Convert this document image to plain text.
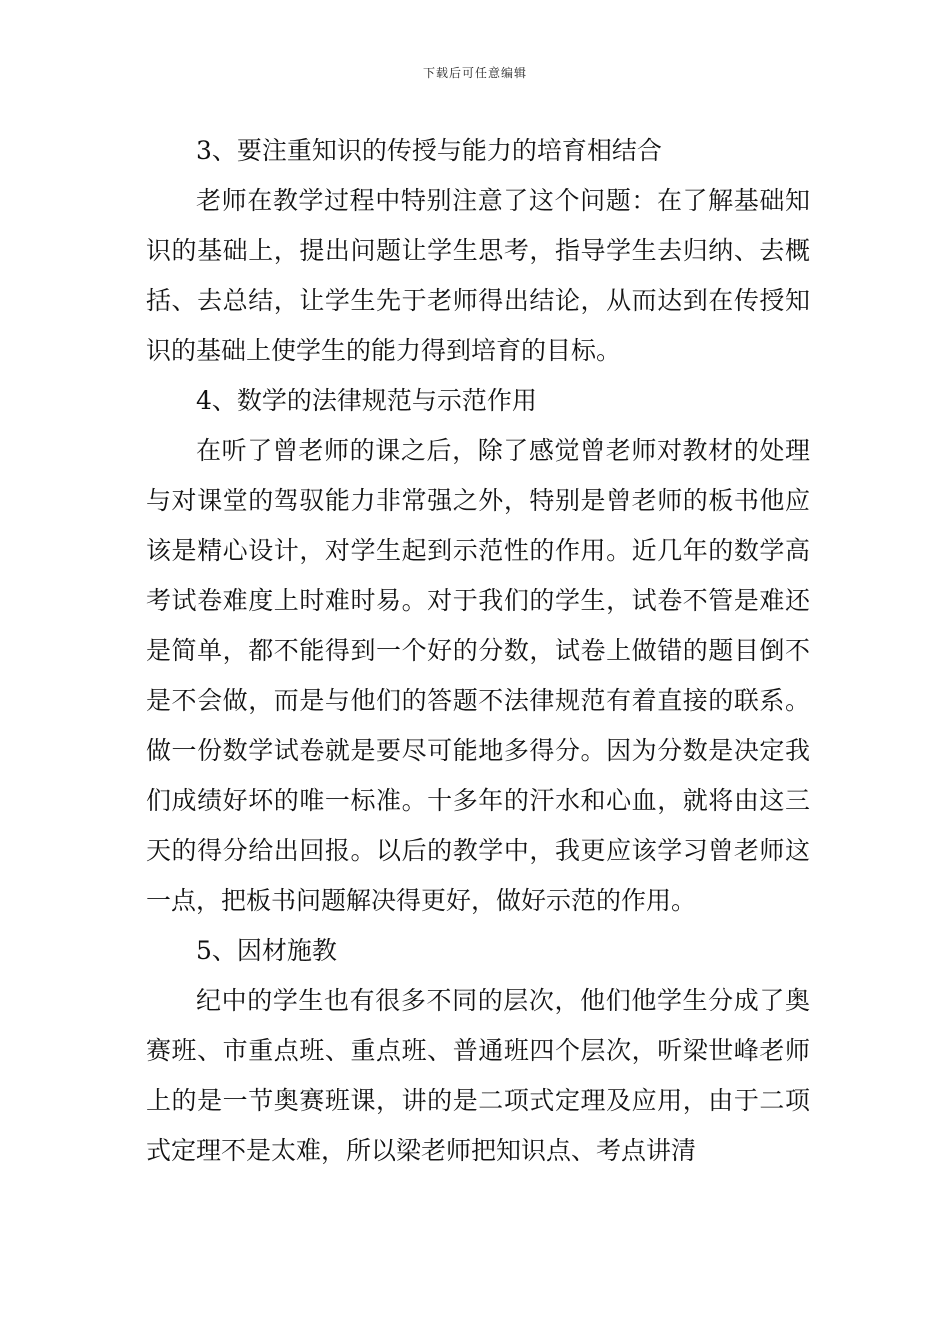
下载后可任意编辑

3、要注重知识的传授与能力的培育相结合

老师在教学过程中特别注意了这个问题：在了解基础知识的基础上，提出问题让学生思考，指导学生去归纳、去概括、去总结，让学生先于老师得出结论，从而达到在传授知识的基础上使学生的能力得到培育的目标。

4、数学的法律规范与示范作用

在听了曾老师的课之后，除了感觉曾老师对教材的处理与对课堂的驾驭能力非常强之外，特别是曾老师的板书他应该是精心设计，对学生起到示范性的作用。近几年的数学高考试卷难度上时难时易。对于我们的学生，试卷不管是难还是简单，都不能得到一个好的分数，试卷上做错的题目倒不是不会做，而是与他们的答题不法律规范有着直接的联系。做一份数学试卷就是要尽可能地多得分。因为分数是决定我们成绩好坏的唯一标准。十多年的汗水和心血，就将由这三天的得分给出回报。以后的教学中，我更应该学习曾老师这一点，把板书问题解决得更好，做好示范的作用。

5、因材施教

纪中的学生也有很多不同的层次，他们他学生分成了奥赛班、市重点班、重点班、普通班四个层次，听梁世峰老师上的是一节奥赛班课，讲的是二项式定理及应用，由于二项式定理不是太难，所以梁老师把知识点、考点讲清
